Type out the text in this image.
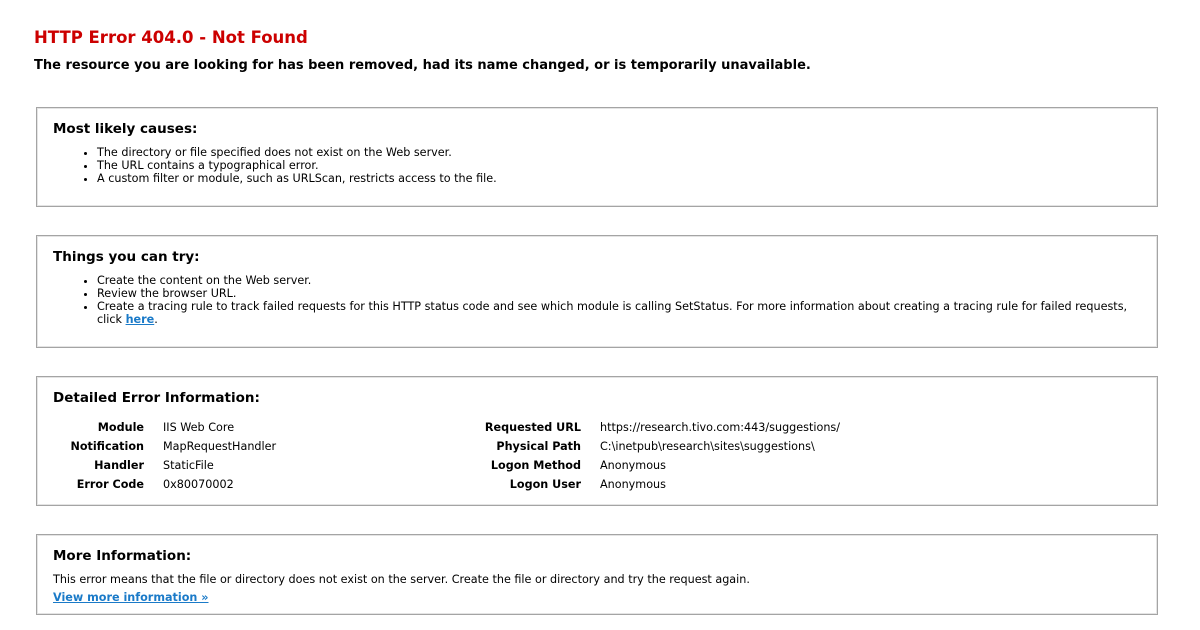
HTTP Error 404.0 - Not Found
The resource you are looking for has been removed, had its name changed, or is temporarily unavailable.
Most likely causes:
• The directory or file specified does not exist on the Web server.
• The URL contains a typographical error.
• A custom filter or module, such as URLScan, restricts access to the file.
Things you can try:
• Create the content on the Web server.
• Review the browser URL.
• Create a tracing rule to track failed requests for this HTTP status code and see which module is calling SetStatus. For more information about creating a tracing rule for failed requests, click here.
Detailed Error Information:
Module	IIS Web Core	Requested URL	https://research.tivo.com:443/suggestions/
Notification	MapRequestHandler	Physical Path	C:\inetpub\research\sites\suggestions\
Handler	StaticFile	Logon Method	Anonymous
Error Code	0x80070002	Logon User	Anonymous
More Information:

This error means that the file or directory does not exist on the server. Create the file or directory and try the request again.

View more information »
